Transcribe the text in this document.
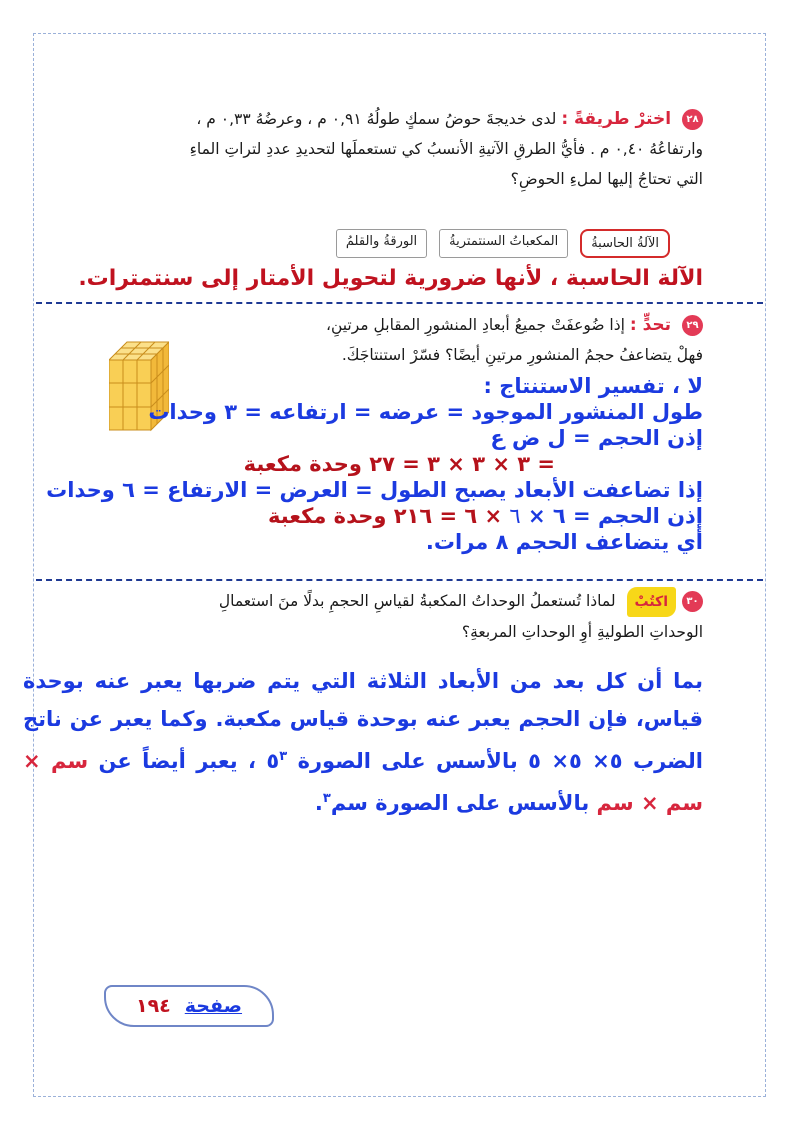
٢٨ اخترْ طريقةً : لدى خديجةَ حوضُ سمكٍ طولُهُ ٠,٩١ م ، وعرضُهُ ٠,٣٣ م ،
وارتفاعُهُ ٠,٤٠ م . فأيُّ الطرقِ الآتيةِ الأنسبُ كي تستعملَها لتحديدِ عددِ لتراتِ الماءِ
التي تحتاجُ إليها لملءِ الحوضِ؟
الآلةُ الحاسبةُ
المكعباتُ السنتمتريةُ
الورقةُ والقلمُ
الآلة الحاسبة ، لأنها ضرورية لتحويل الأمتار إلى سنتمترات.
٢٩ تحدٍّ : إذا ضُوعفَتْ جميعُ أبعادِ المنشورِ المقابلِ مرتينِ،
فهلْ يتضاعفُ حجمُ المنشورِ مرتينِ أيضًا؟ فسّرْ استنتاجَكَ.
لا ، تفسير الاستنتاج :
طول المنشور الموجود = عرضه = ارتفاعه = ٣ وحدات
إذن الحجم = ل ض ع
= ٣ × ٣ × ٣ = ٢٧ وحدة مكعبة
إذا تضاعفت الأبعاد يصبح الطول = العرض = الارتفاع = ٦ وحدات
إذن الحجم = ٦ × ٦ × ٦ = ٢١٦ وحدة مكعبة
أي يتضاعف الحجم ٨ مرات.
٣٠اكتُبْ لماذا تُستعملُ الوحداتُ المكعبةُ لقياسِ الحجمِ بدلًا منَ استعمالِ
الوحداتِ الطوليةِ أوِ الوحداتِ المربعةِ؟
بما أن كل بعد من الأبعاد الثلاثة التي يتم ضربها يعبر عنه بوحدة قياس، فإن الحجم يعبر عنه بوحدة قياس مكعبة. وكما يعبر عن ناتج الضرب ٥× ٥× ٥ بالأسس على الصورة $٥^٣$ ، يعبر أيضاً عن سم × سم × سم بالأسس على الصورة سم$^٣$.
صفحة
١٩٤
